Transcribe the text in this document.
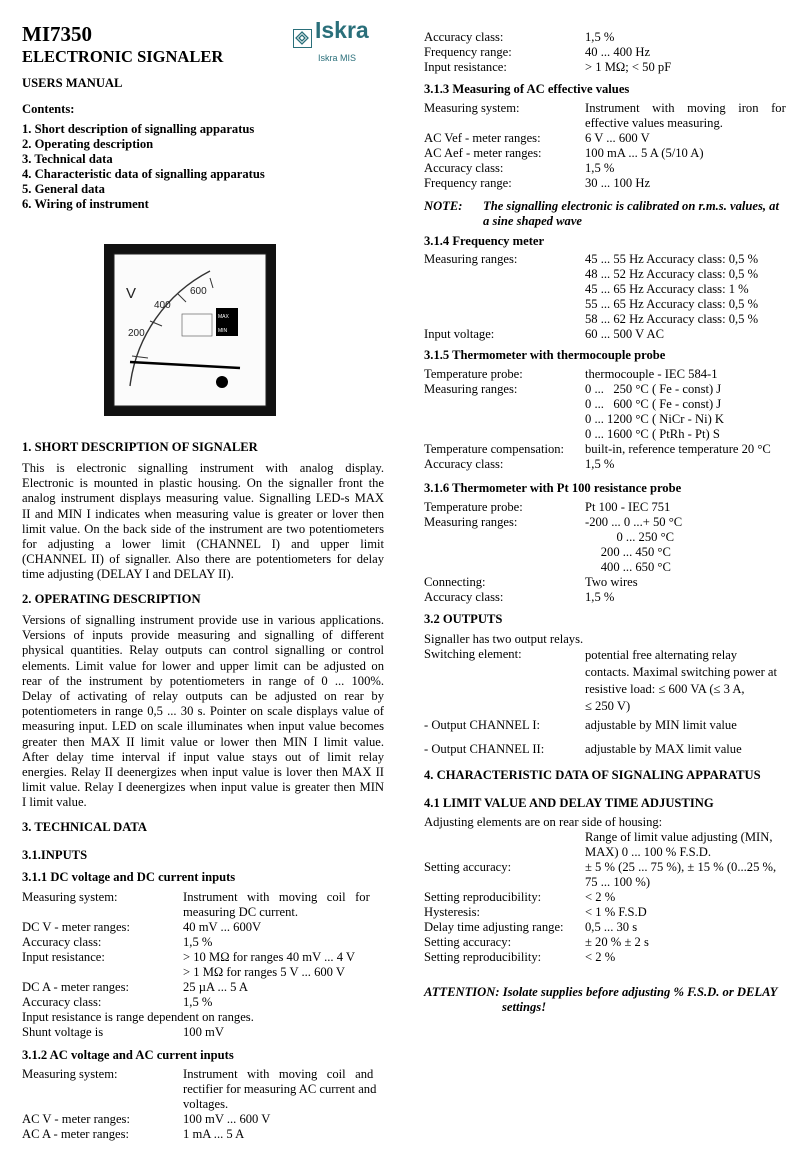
MI7350
ELECTRONIC SIGNALER
Iskra
Iskra MIS
USERS MANUAL
Contents:
1. Short description of signalling apparatus
2. Operating description
3. Technical data
4. Characteristic data of signalling apparatus
5. General data
6. Wiring of instrument
V
200
400
600
MAX
MIN
1. SHORT DESCRIPTION OF SIGNALER
This is electronic signalling instrument with analog display.
Electronic is mounted in plastic housing. On the signaller front the
analog instrument displays measuring value. Signalling LED-s MAX
II and MIN I indicates when measuring value is greater or lover then
limit value. On the back side of the instrument are two potentiometers
for adjusting a lower limit (CHANNEL I) and upper limit
(CHANNEL II) of signaller. Also there are potentiometers for delay
time adjusting (DELAY I and DELAY II).
2. OPERATING DESCRIPTION
Versions of signalling instrument provide use in various applications.
Versions of inputs provide measuring and signalling of different
physical quantities. Relay outputs can control signalling or control
elements. Limit value for lower and upper limit can be adjusted on
rear of the instrument by potentiometers in range of 0 ... 100%.
Delay of activating of relay outputs can be adjusted on rear by
potentiometers in range 0,5 ... 30 s. Pointer on scale displays value of
measuring input. LED on scale illuminates when input value becomes
greater then MAX II limit value or lower then MIN I limit value.
After delay time interval if input value stays out of limit relay
energies. Relay II deenergizes when input value is lover then MAX II
limit value. Relay I deenergizes when input value is greater then MIN
I limit value.
3. TECHNICAL DATA
3.1.INPUTS
3.1.1 DC voltage and DC current inputs
Measuring system:	Instrument   with   moving   coil   for
measuring DC current.
DC V - meter ranges:	40 mV ... 600V
Accuracy class:	1,5 %
Input resistance:	> 10 MΩ for ranges 40 mV ... 4 V
> 1 MΩ for ranges 5 V ... 600 V
DC A - meter ranges:	25 µA ... 5 A
Accuracy class:	1,5 %
Input resistance is range dependent on ranges.
Shunt voltage is	100 mV
3.1.2 AC voltage and AC current inputs
Measuring system:	Instrument   with   moving   coil   and
rectifier for measuring AC current and
voltages.
AC V - meter ranges:	100 mV ... 600 V
AC A - meter ranges:	1 mA ... 5 A
Accuracy class:	1,5 %
Frequency range:	40 ... 400 Hz
Input resistance:	> 1 MΩ; < 50 pF
3.1.3 Measuring of AC effective values
Measuring system:	Instrument    with    moving    iron    for
effective values measuring.
AC Vef - meter ranges:	6 V ... 600 V
AC Aef - meter ranges:	100 mA ... 5 A (5/10 A)
Accuracy class:	1,5 %
Frequency range:	30 ... 100 Hz
NOTE: The signalling electronic is calibrated on r.m.s. values, at
a sine shaped wave
3.1.4 Frequency meter
Measuring ranges:	45 ... 55 Hz Accuracy class: 0,5 %
48 ... 52 Hz Accuracy class: 0,5 %
45 ... 65 Hz Accuracy class: 1 %
55 ... 65 Hz Accuracy class: 0,5 %
58 ... 62 Hz Accuracy class: 0,5 %
Input voltage:	60 ... 500 V AC
3.1.5 Thermometer with thermocouple probe
Temperature probe:	thermocouple - IEC 584-1
Measuring ranges:	0 ...   250 °C ( Fe - const) J
0 ...   600 °C ( Fe - const) J
0 ... 1200 °C ( NiCr - Ni) K
0 ... 1600 °C ( PtRh - Pt) S
Temperature compensation: built-in, reference temperature 20 °C
Accuracy class:	1,5 %
3.1.6 Thermometer with Pt 100 resistance probe
Temperature probe:	Pt 100 - IEC 751
Measuring ranges:	-200 ... 0 ...+ 50 °C
0 ... 250 °C
200 ... 450 °C
400 ... 650 °C
Connecting:	Two wires
Accuracy class:	1,5 %
3.2 OUTPUTS
Signaller has two output relays.
Switching element:	potential free alternating relay
contacts. Maximal switching power at
resistive load: ≤ 600 VA (≤ 3 A,
≤ 250 V)
- Output CHANNEL I:	adjustable by MIN limit value
- Output CHANNEL II:	adjustable by MAX limit value
4. CHARACTERISTIC DATA OF SIGNALING APPARATUS
4.1 LIMIT VALUE AND DELAY TIME ADJUSTING
Adjusting elements are on rear side of housing:
Range of limit value adjusting (MIN,
MAX) 0 ... 100 % F.S.D.
Setting accuracy:	± 5 % (25 ... 75 %), ± 15 % (0...25 %,
75 ... 100 %)
Setting reproducibility:	< 2 %
Hysteresis:	< 1 % F.S.D
Delay time adjusting range: 0,5 ... 30 s
Setting accuracy:	± 20 % ± 2 s
Setting reproducibility:	< 2 %
ATTENTION: Isolate supplies before adjusting % F.S.D. or DELAY
settings!
